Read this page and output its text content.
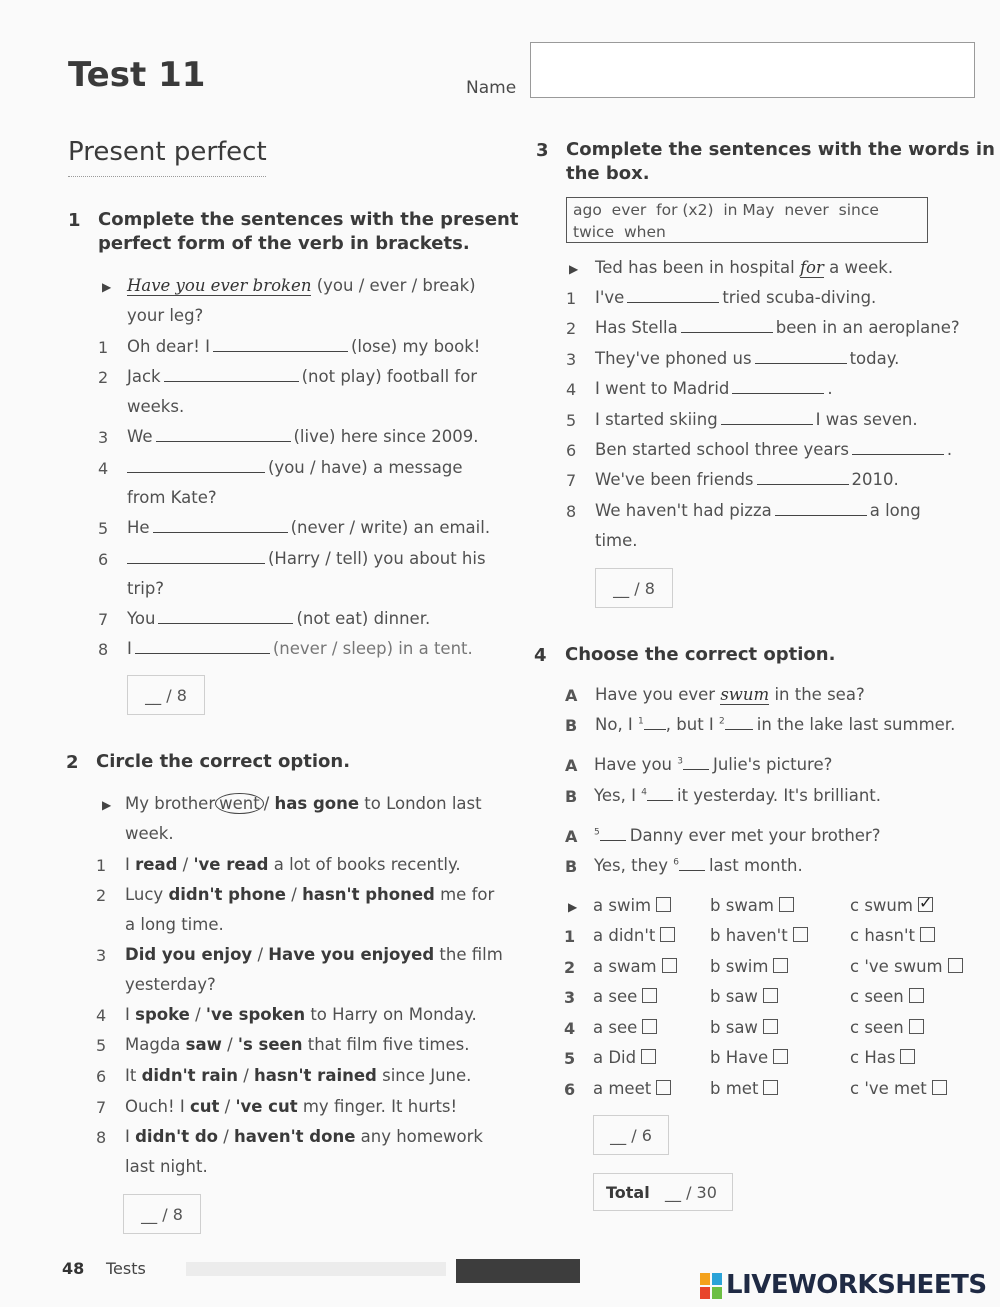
Test 11	Name
Present perfect
1 Complete the sentences with the present
perfect form of the verb in brackets.
▶ Have you ever broken (you / ever / break)
your leg?
1 Oh dear! I	(lose) my book!
2 Jack	(not play) football for
weeks.
3 We	(live) here since 2009.
4	(you / have) a message
from Kate?
5 He	(never / write) an email.
6	(Harry / tell) you about his
trip?
7 You	(not eat) dinner.
8 I	(never / sleep) in a tent.
__ / 8
2 Circle the correct option.
▶ My brother went / has gone to London last
week.
1 I read / 've read a lot of books recently.
2 Lucy didn't phone / hasn't phoned me for
a long time.
3 Did you enjoy / Have you enjoyed the film
yesterday?
4 I spoke / 've spoken to Harry on Monday.
5 Magda saw / 's seen that film five times.
6 It didn't rain / hasn't rained since June.
7 Ouch! I cut / 've cut my finger. It hurts!
8 I didn't do / haven't done any homework
last night.
__ / 8
3 Complete the sentences with the words in
the box.
ago  ever  for (x2)  in May  never  since
twice  when
▶ Ted has been in hospital for a week.
1 I've	tried scuba-diving.
2 Has Stella	been in an aeroplane?
3 They've phoned us	today.
4 I went to Madrid	.
5 I started skiing	I was seven.
6 Ben started school three years	.
7 We've been friends	2010.
8 We haven't had pizza	a long
time.
__ / 8
4 Choose the correct option.
A Have you ever swum in the sea?
B No, I $^1$ , but I $^2$ in the lake last summer.
A Have you $^3$ Julie's picture?
B Yes, I $^4$ it yesterday. It's brilliant.
A $^5$ Danny ever met your brother?
B Yes, they $^6$ last month.
▶ a swim	b swam	c swum✓
1 a didn't	b haven't	c hasn't
2 a swam	b swim	c 've swum
3 a see	b saw	c seen
4 a see	b saw	c seen
5 a Did	b Have	c Has
6 a meet	b met	c 've met
__ / 6
Total
__ / 30
48 Tests
LIVEWORKSHEETS
